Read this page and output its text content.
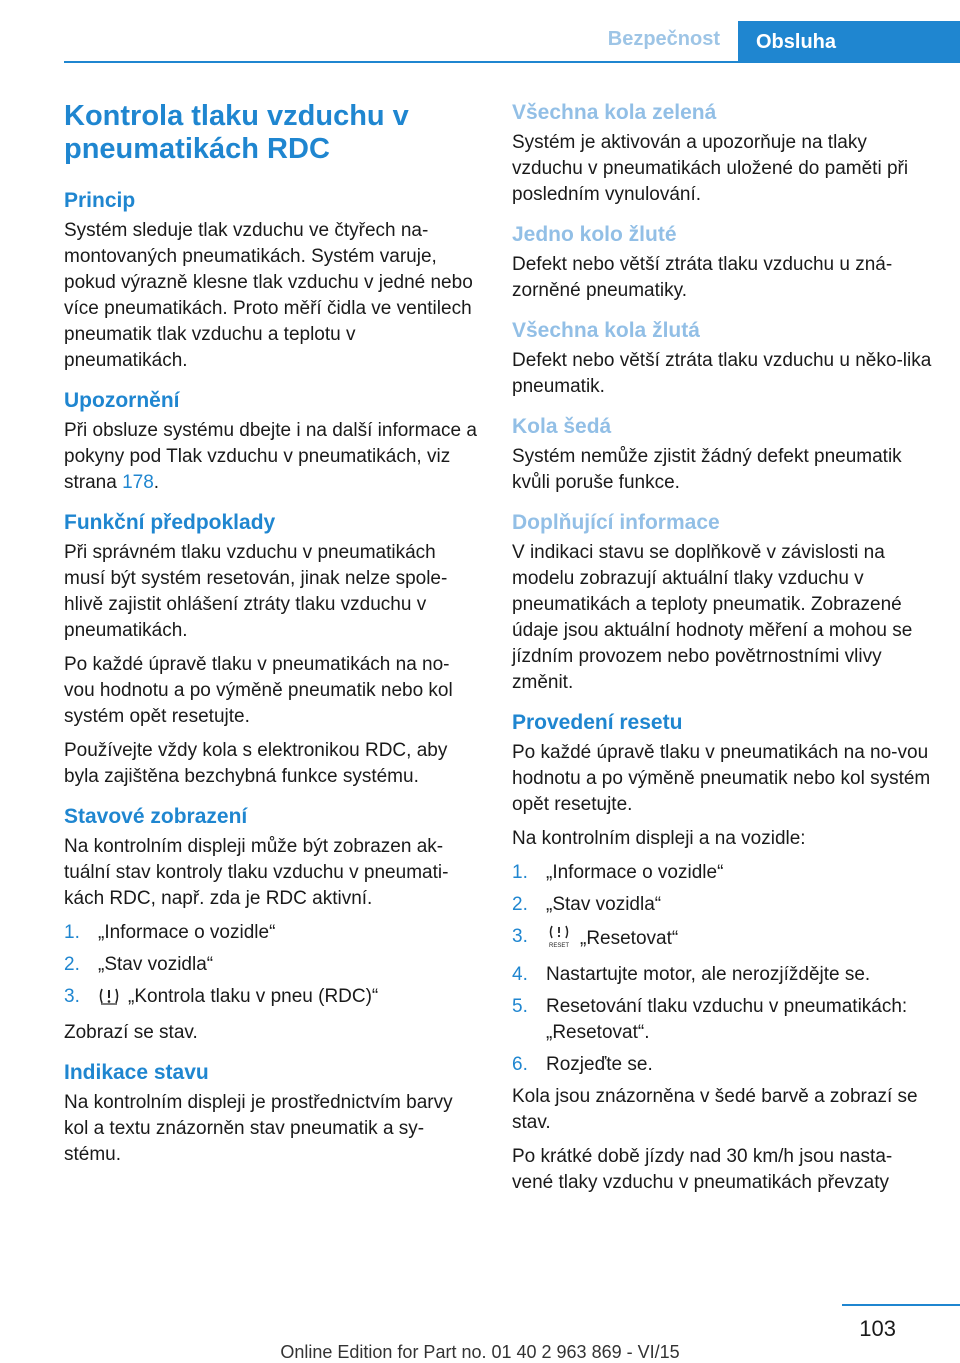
Bezpečnost	Obsluha
Kontrola tlaku vzduchu v pneumatikách RDC
Princip

Systém sleduje tlak vzduchu ve čtyřech na-montovaných pneumatikách. Systém varuje, pokud výrazně klesne tlak vzduchu v jedné nebo více pneumatikách. Proto měří čidla ve ventilech pneumatik tlak vzduchu a teplotu v pneumatikách.

Upozornění

Při obsluze systému dbejte i na další informace a pokyny pod Tlak vzduchu v pneumatikách, viz strana 178.

Funkční předpoklady

Při správném tlaku vzduchu v pneumatikách musí být systém resetován, jinak nelze spole-hlivě zajistit ohlášení ztráty tlaku vzduchu v pneumatikách.

Po každé úpravě tlaku v pneumatikách na no-vou hodnotu a po výměně pneumatik nebo kol systém opět resetujte.

Používejte vždy kola s elektronikou RDC, aby byla zajištěna bezchybná funkce systému.

Stavové zobrazení

Na kontrolním displeji může být zobrazen ak-tuální stav kontroly tlaku vzduchu v pneumati-kách RDC, např. zda je RDC aktivní.

1. „Informace o vozidle“
2. „Stav vozidla“
3.	„Kontrola tlaku v pneu (RDC)“

Zobrazí se stav.

Indikace stavu

Na kontrolním displeji je prostřednictvím barvy kol a textu znázorněn stav pneumatik a sy-stému.

Všechna kola zelená

Systém je aktivován a upozorňuje na tlaky vzduchu v pneumatikách uložené do paměti při posledním vynulování.

Jedno kolo žluté

Defekt nebo větší ztráta tlaku vzduchu u zná-zorněné pneumatiky.

Všechna kola žlutá

Defekt nebo větší ztráta tlaku vzduchu u něko-lika pneumatik.

Kola šedá

Systém nemůže zjistit žádný defekt pneumatik kvůli poruše funkce.

Doplňující informace

V indikaci stavu se doplňkově v závislosti na modelu zobrazují aktuální tlaky vzduchu v pneumatikách a teploty pneumatik. Zobrazené údaje jsou aktuální hodnoty měření a mohou se jízdním provozem nebo povětrnostními vlivy změnit.

Provedení resetu

Po každé úpravě tlaku v pneumatikách na no-vou hodnotu a po výměně pneumatik nebo kol systém opět resetujte.

Na kontrolním displeji a na vozidle:

1. „Informace o vozidle“
2. „Stav vozidla“
3.	RESET „Resetovat“
4. Nastartujte motor, ale nerozjížděјte se.
5. Resetování tlaku vzduchu v pneumatikách: „Resetovat“.
6. Rozjeďte se.

Kola jsou znázorněna v šedé barvě a zobrazí se stav.

Po krátké době jízdy nad 30 km/h jsou nasta-vené tlaky vzduchu v pneumatikách převzaty

103
Online Edition for Part no. 01 40 2 963 869 - VI/15
